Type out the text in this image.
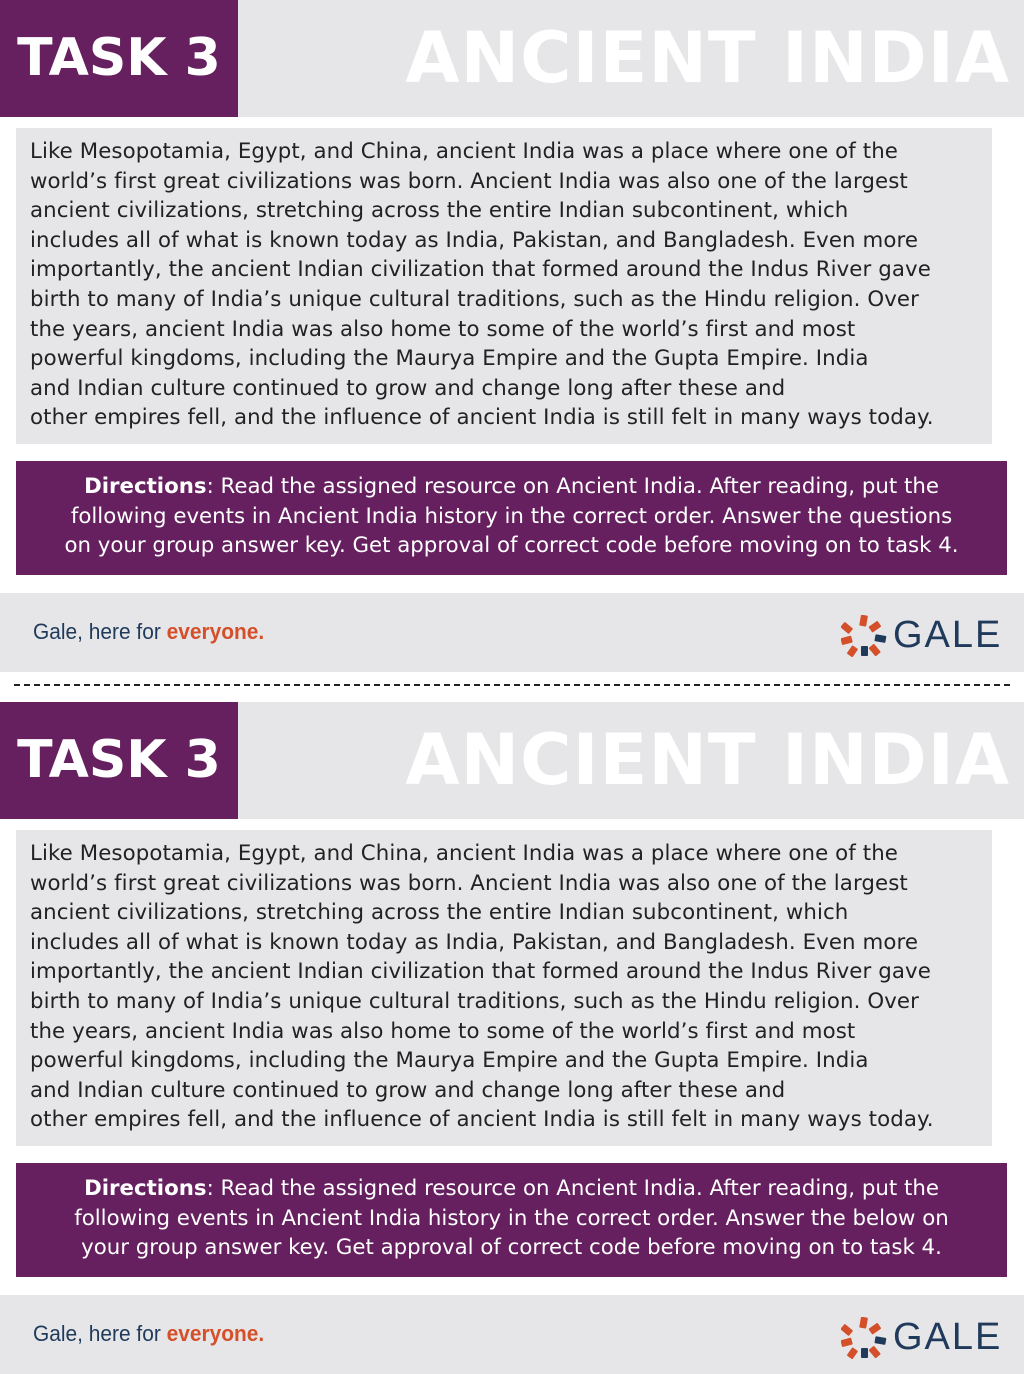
TASK 3	ANCIENT INDIA
Like Mesopotamia, Egypt, and China, ancient India was a place where one of the
world’s first great civilizations was born. Ancient India was also one of the largest
ancient civilizations, stretching across the entire Indian subcontinent, which
includes all of what is known today as India, Pakistan, and Bangladesh. Even more
importantly, the ancient Indian civilization that formed around the Indus River gave
birth to many of India’s unique cultural traditions, such as the Hindu religion. Over
the years, ancient India was also home to some of the world’s first and most
powerful kingdoms, including the Maurya Empire and the Gupta Empire. India
and Indian culture continued to grow and change long after these and
other empires fell, and the influence of ancient India is still felt in many ways today.
Directions: Read the assigned resource on Ancient India. After reading, put the
following events in Ancient India history in the correct order. Answer the questions
on your group answer key. Get approval of correct code before moving on to task 4.
Gale, here for everyone.	GALE
TASK 3	ANCIENT INDIA
Like Mesopotamia, Egypt, and China, ancient India was a place where one of the
world’s first great civilizations was born. Ancient India was also one of the largest
ancient civilizations, stretching across the entire Indian subcontinent, which
includes all of what is known today as India, Pakistan, and Bangladesh. Even more
importantly, the ancient Indian civilization that formed around the Indus River gave
birth to many of India’s unique cultural traditions, such as the Hindu religion. Over
the years, ancient India was also home to some of the world’s first and most
powerful kingdoms, including the Maurya Empire and the Gupta Empire. India
and Indian culture continued to grow and change long after these and
other empires fell, and the influence of ancient India is still felt in many ways today.
Directions: Read the assigned resource on Ancient India. After reading, put the
following events in Ancient India history in the correct order. Answer the below on
your group answer key. Get approval of correct code before moving on to task 4.
Gale, here for everyone.	GALE
